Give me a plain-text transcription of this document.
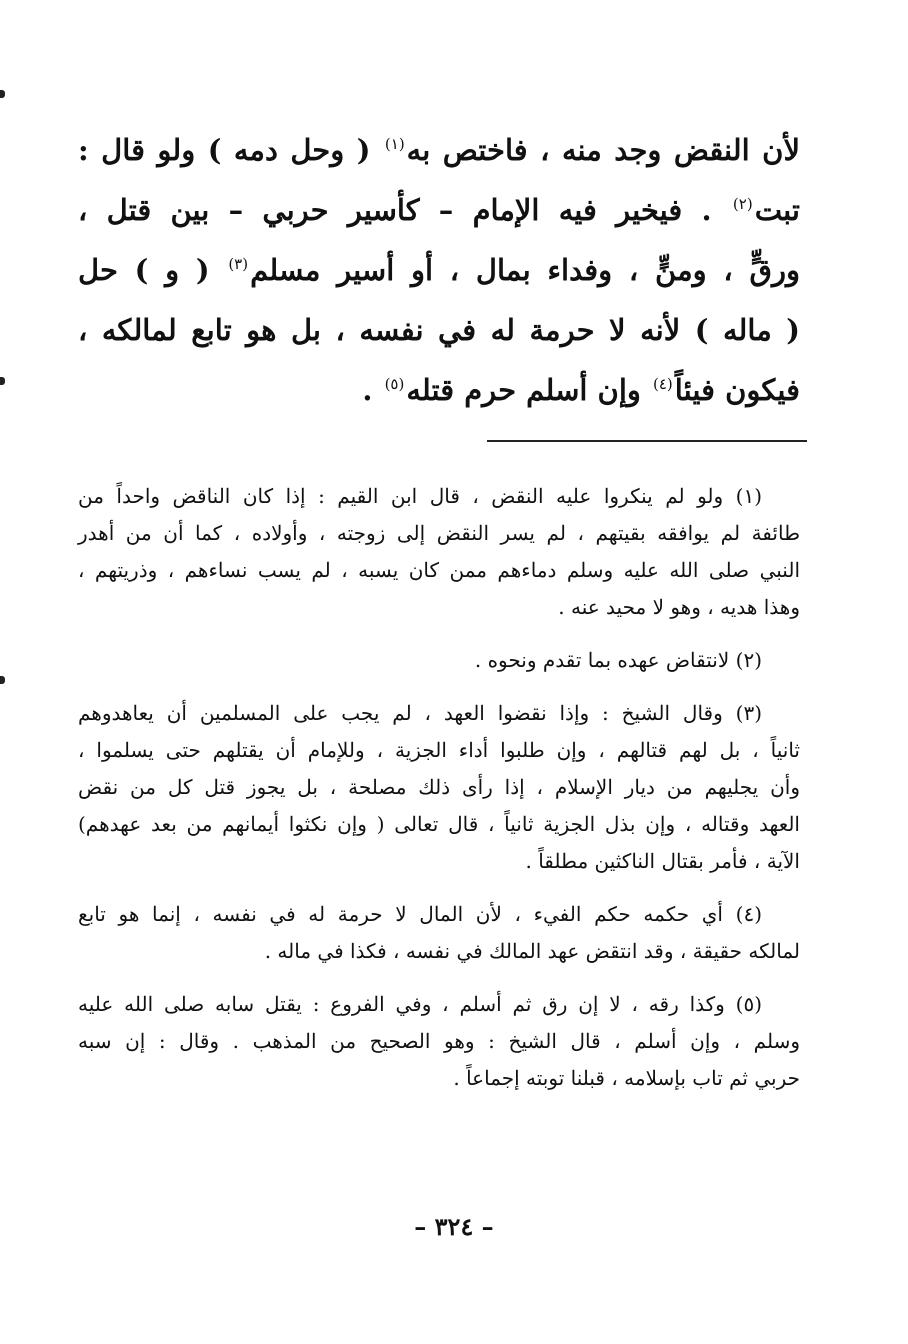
لأن النقض وجد منه ، فاختص به$^{(١)}$ ( وحل دمه ) ولو قال :
تبت$^{(٢)}$ . فيخير فيه الإمام – كأسير حربي – بين قتل ،
ورقٍّ ، ومنٍّ ، وفداء بمال ، أو أسير مسلم$^{(٣)}$ ( و ) حل
( ماله ) لأنه لا حرمة له في نفسه ، بل هو تابع لمالكه ،
فيكون فيئاً$^{(٤)}$ وإن أسلم حرم قتله$^{(٥)}$ .
(١) ولو لم ينكروا عليه النقض ، قال ابن القيم : إذا كان الناقض واحداً من
طائفة لم يوافقه بقيتهم ، لم يسر النقض إلى زوجته ، وأولاده ، كما أن من أهدر
النبي صلى الله عليه وسلم دماءهم ممن كان يسبه ، لم يسب نساءهم ، وذريتهم ،
وهذا هديه ، وهو لا محيد عنه .
(٢) لانتقاض عهده بما تقدم ونحوه .
(٣) وقال الشيخ : وإذا نقضوا العهد ، لم يجب على المسلمين أن يعاهدوهم
ثانياً ، بل لهم قتالهم ، وإن طلبوا أداء الجزية ، وللإمام أن يقتلهم حتى يسلموا ،
وأن يجليهم من ديار الإسلام ، إذا رأى ذلك مصلحة ، بل يجوز قتل كل من نقض
العهد وقتاله ، وإن بذل الجزية ثانياً ، قال تعالى ( وإن نكثوا أيمانهم من بعد عهدهم)
الآية ، فأمر بقتال الناكثين مطلقاً .
(٤) أي حكمه حكم الفيء ، لأن المال لا حرمة له في نفسه ، إنما هو تابع
لمالكه حقيقة ، وقد انتقض عهد المالك في نفسه ، فكذا في ماله .
(٥) وكذا رقه ، لا إن رق ثم أسلم ، وفي الفروع : يقتل سابه صلى الله عليه
وسلم ، وإن أسلم ، قال الشيخ : وهو الصحيح من المذهب . وقال : إن سبه
حربي ثم تاب بإسلامه ، قبلنا توبته إجماعاً .
– ٣٢٤ –
